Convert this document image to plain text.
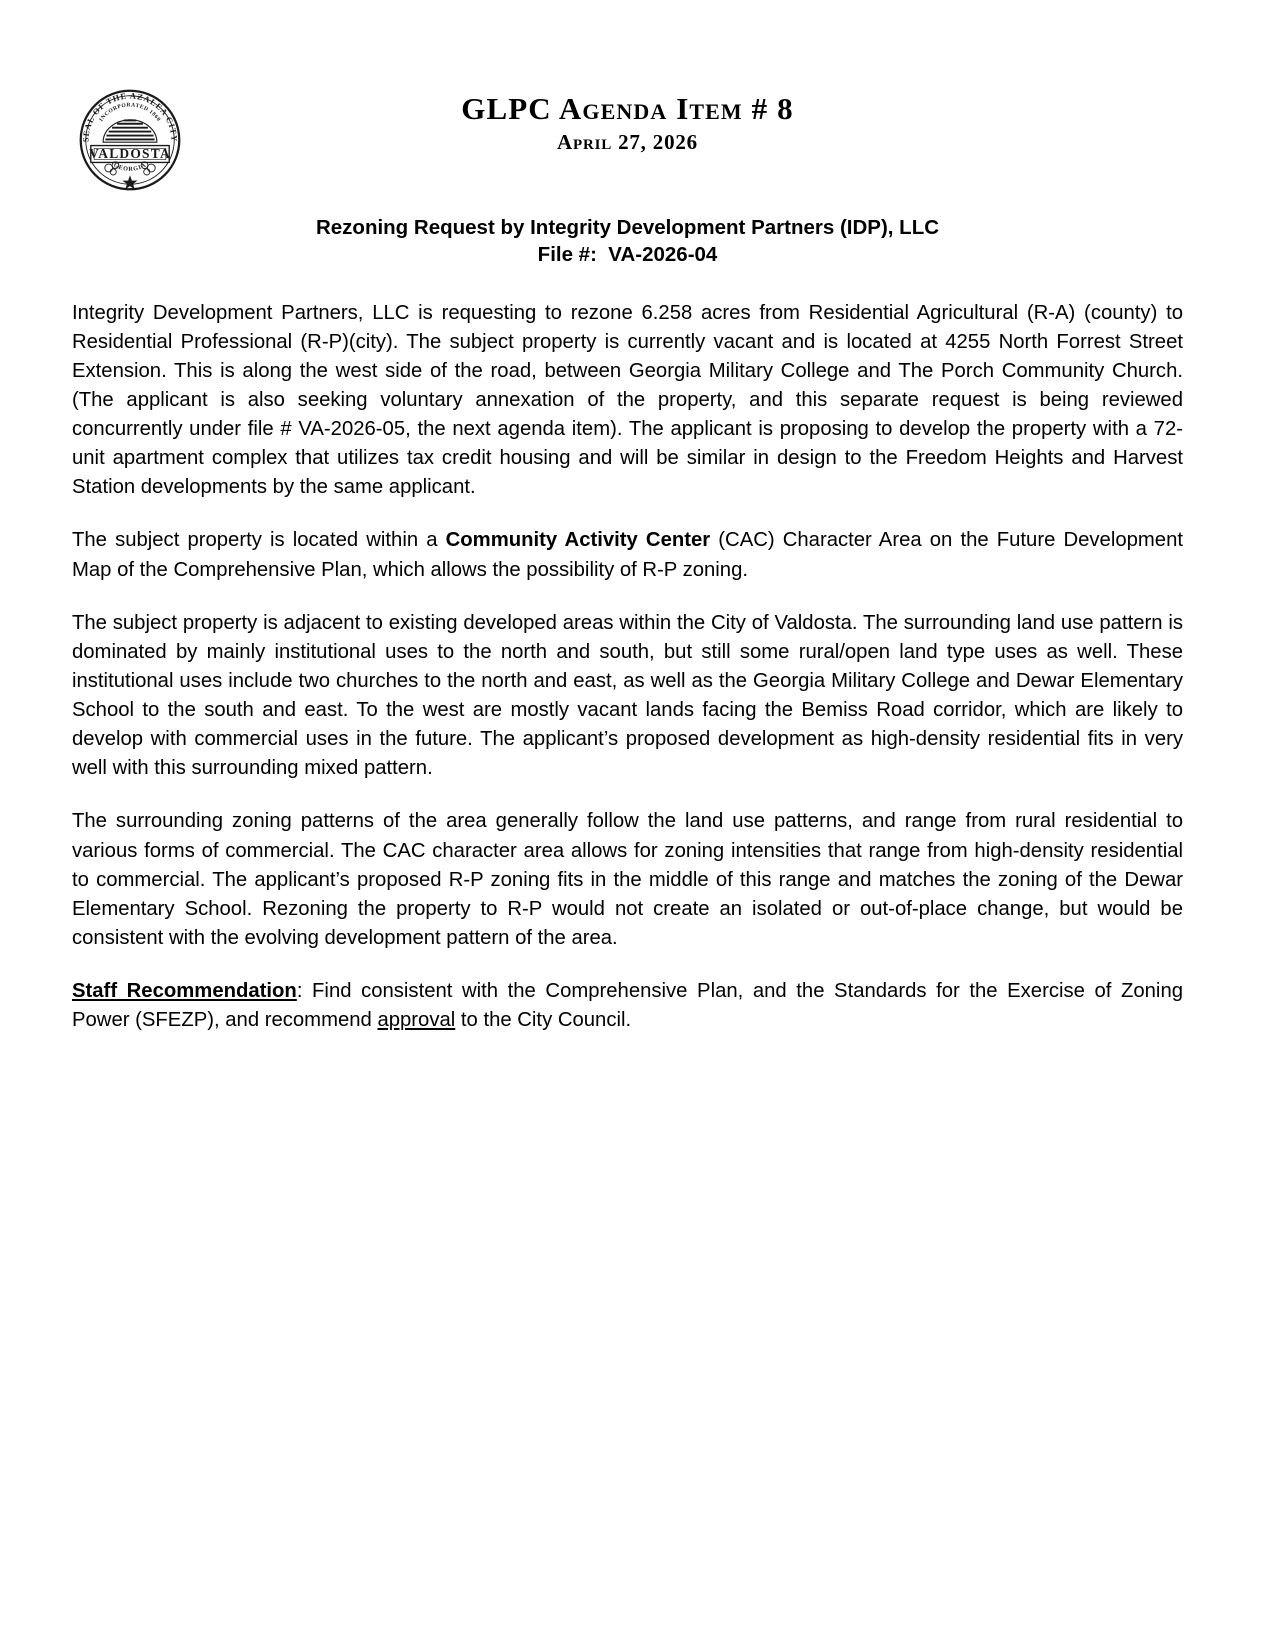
SEAL OF THE AZALEA CITY
INCORPORATED 1860
VALDOSTA
GEORGIA
GLPC Agenda Item # 8
April 27, 2026
Rezoning Request by Integrity Development Partners (IDP), LLC
File #:  VA-2026-04

Integrity Development Partners, LLC is requesting to rezone 6.258 acres from Residential Agricultural (R-A) (county) to Residential Professional (R-P)(city). The subject property is currently vacant and is located at 4255 North Forrest Street Extension. This is along the west side of the road, between Georgia Military College and The Porch Community Church. (The applicant is also seeking voluntary annexation of the property, and this separate request is being reviewed concurrently under file # VA-2026-05, the next agenda item). The applicant is proposing to develop the property with a 72-unit apartment complex that utilizes tax credit housing and will be similar in design to the Freedom Heights and Harvest Station developments by the same applicant.

The subject property is located within a Community Activity Center (CAC) Character Area on the Future Development Map of the Comprehensive Plan, which allows the possibility of R-P zoning.

The subject property is adjacent to existing developed areas within the City of Valdosta. The surrounding land use pattern is dominated by mainly institutional uses to the north and south, but still some rural/open land type uses as well. These institutional uses include two churches to the north and east, as well as the Georgia Military College and Dewar Elementary School to the south and east. To the west are mostly vacant lands facing the Bemiss Road corridor, which are likely to develop with commercial uses in the future. The applicant’s proposed development as high-density residential fits in very well with this surrounding mixed pattern.

The surrounding zoning patterns of the area generally follow the land use patterns, and range from rural residential to various forms of commercial. The CAC character area allows for zoning intensities that range from high-density residential to commercial. The applicant’s proposed R-P zoning fits in the middle of this range and matches the zoning of the Dewar Elementary School. Rezoning the property to R-P would not create an isolated or out-of-place change, but would be consistent with the evolving development pattern of the area.

Staff Recommendation: Find consistent with the Comprehensive Plan, and the Standards for the Exercise of Zoning Power (SFEZP), and recommend approval to the City Council.
